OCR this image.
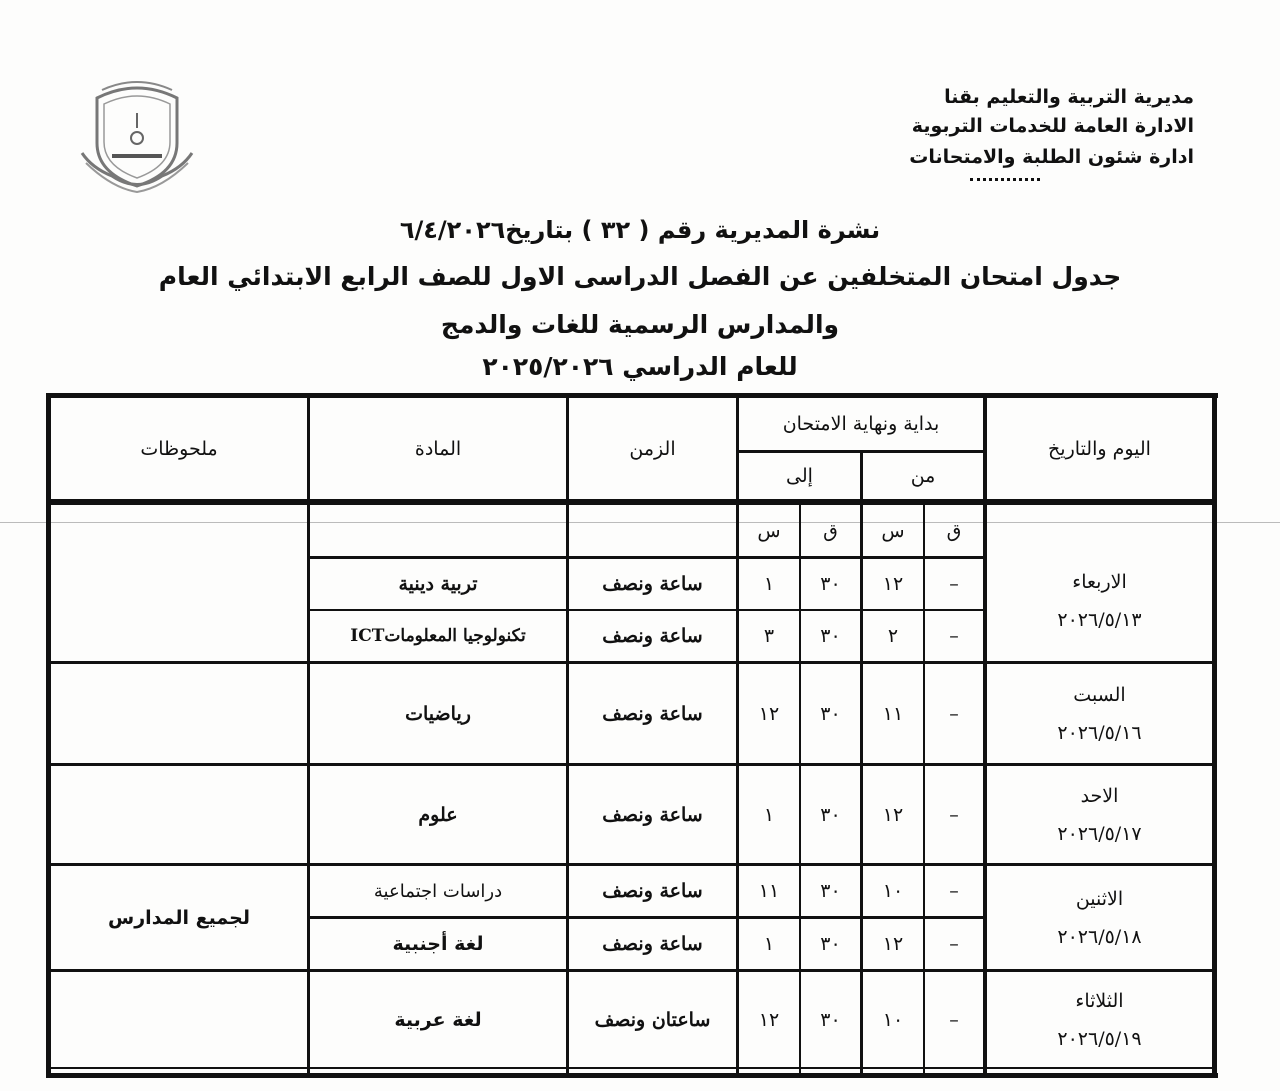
مديرية التربية والتعليم بقنا
الادارة العامة للخدمات التربوية
ادارة شئون الطلبة والامتحانات
نشرة المديرية رقم ( ٣٢ ) بتاريخ٦/٤/٢٠٢٦
جدول امتحان المتخلفين عن الفصل الدراسى الاول للصف الرابع الابتدائي العام
والمدارس الرسمية للغات والدمج
للعام الدراسي ٢٠٢٥/٢٠٢٦
اليوم والتاريخ
بداية ونهاية الامتحان
من
إلى
الزمن
المادة
ملحوظات
ق
س
ق
س
الاربعاء
٢٠٢٦/٥/١٣
السبت
٢٠٢٦/٥/١٦
الاحد
٢٠٢٦/٥/١٧
الاثنين
٢٠٢٦/٥/١٨
الثلاثاء
٢٠٢٦/٥/١٩
–
١٢
٣٠
١
ساعة ونصف
تربية دينية
–
٢
٣٠
٣
ساعة ونصف
تكنولوجيا المعلوماتICT
–
١١
٣٠
١٢
ساعة ونصف
رياضيات
–
١٢
٣٠
١
ساعة ونصف
علوم
–
١٠
٣٠
١١
ساعة ونصف
دراسات اجتماعية
–
١٢
٣٠
١
ساعة ونصف
لغة أجنبية
–
١٠
٣٠
١٢
ساعتان ونصف
لغة عربية
لجميع المدارس
